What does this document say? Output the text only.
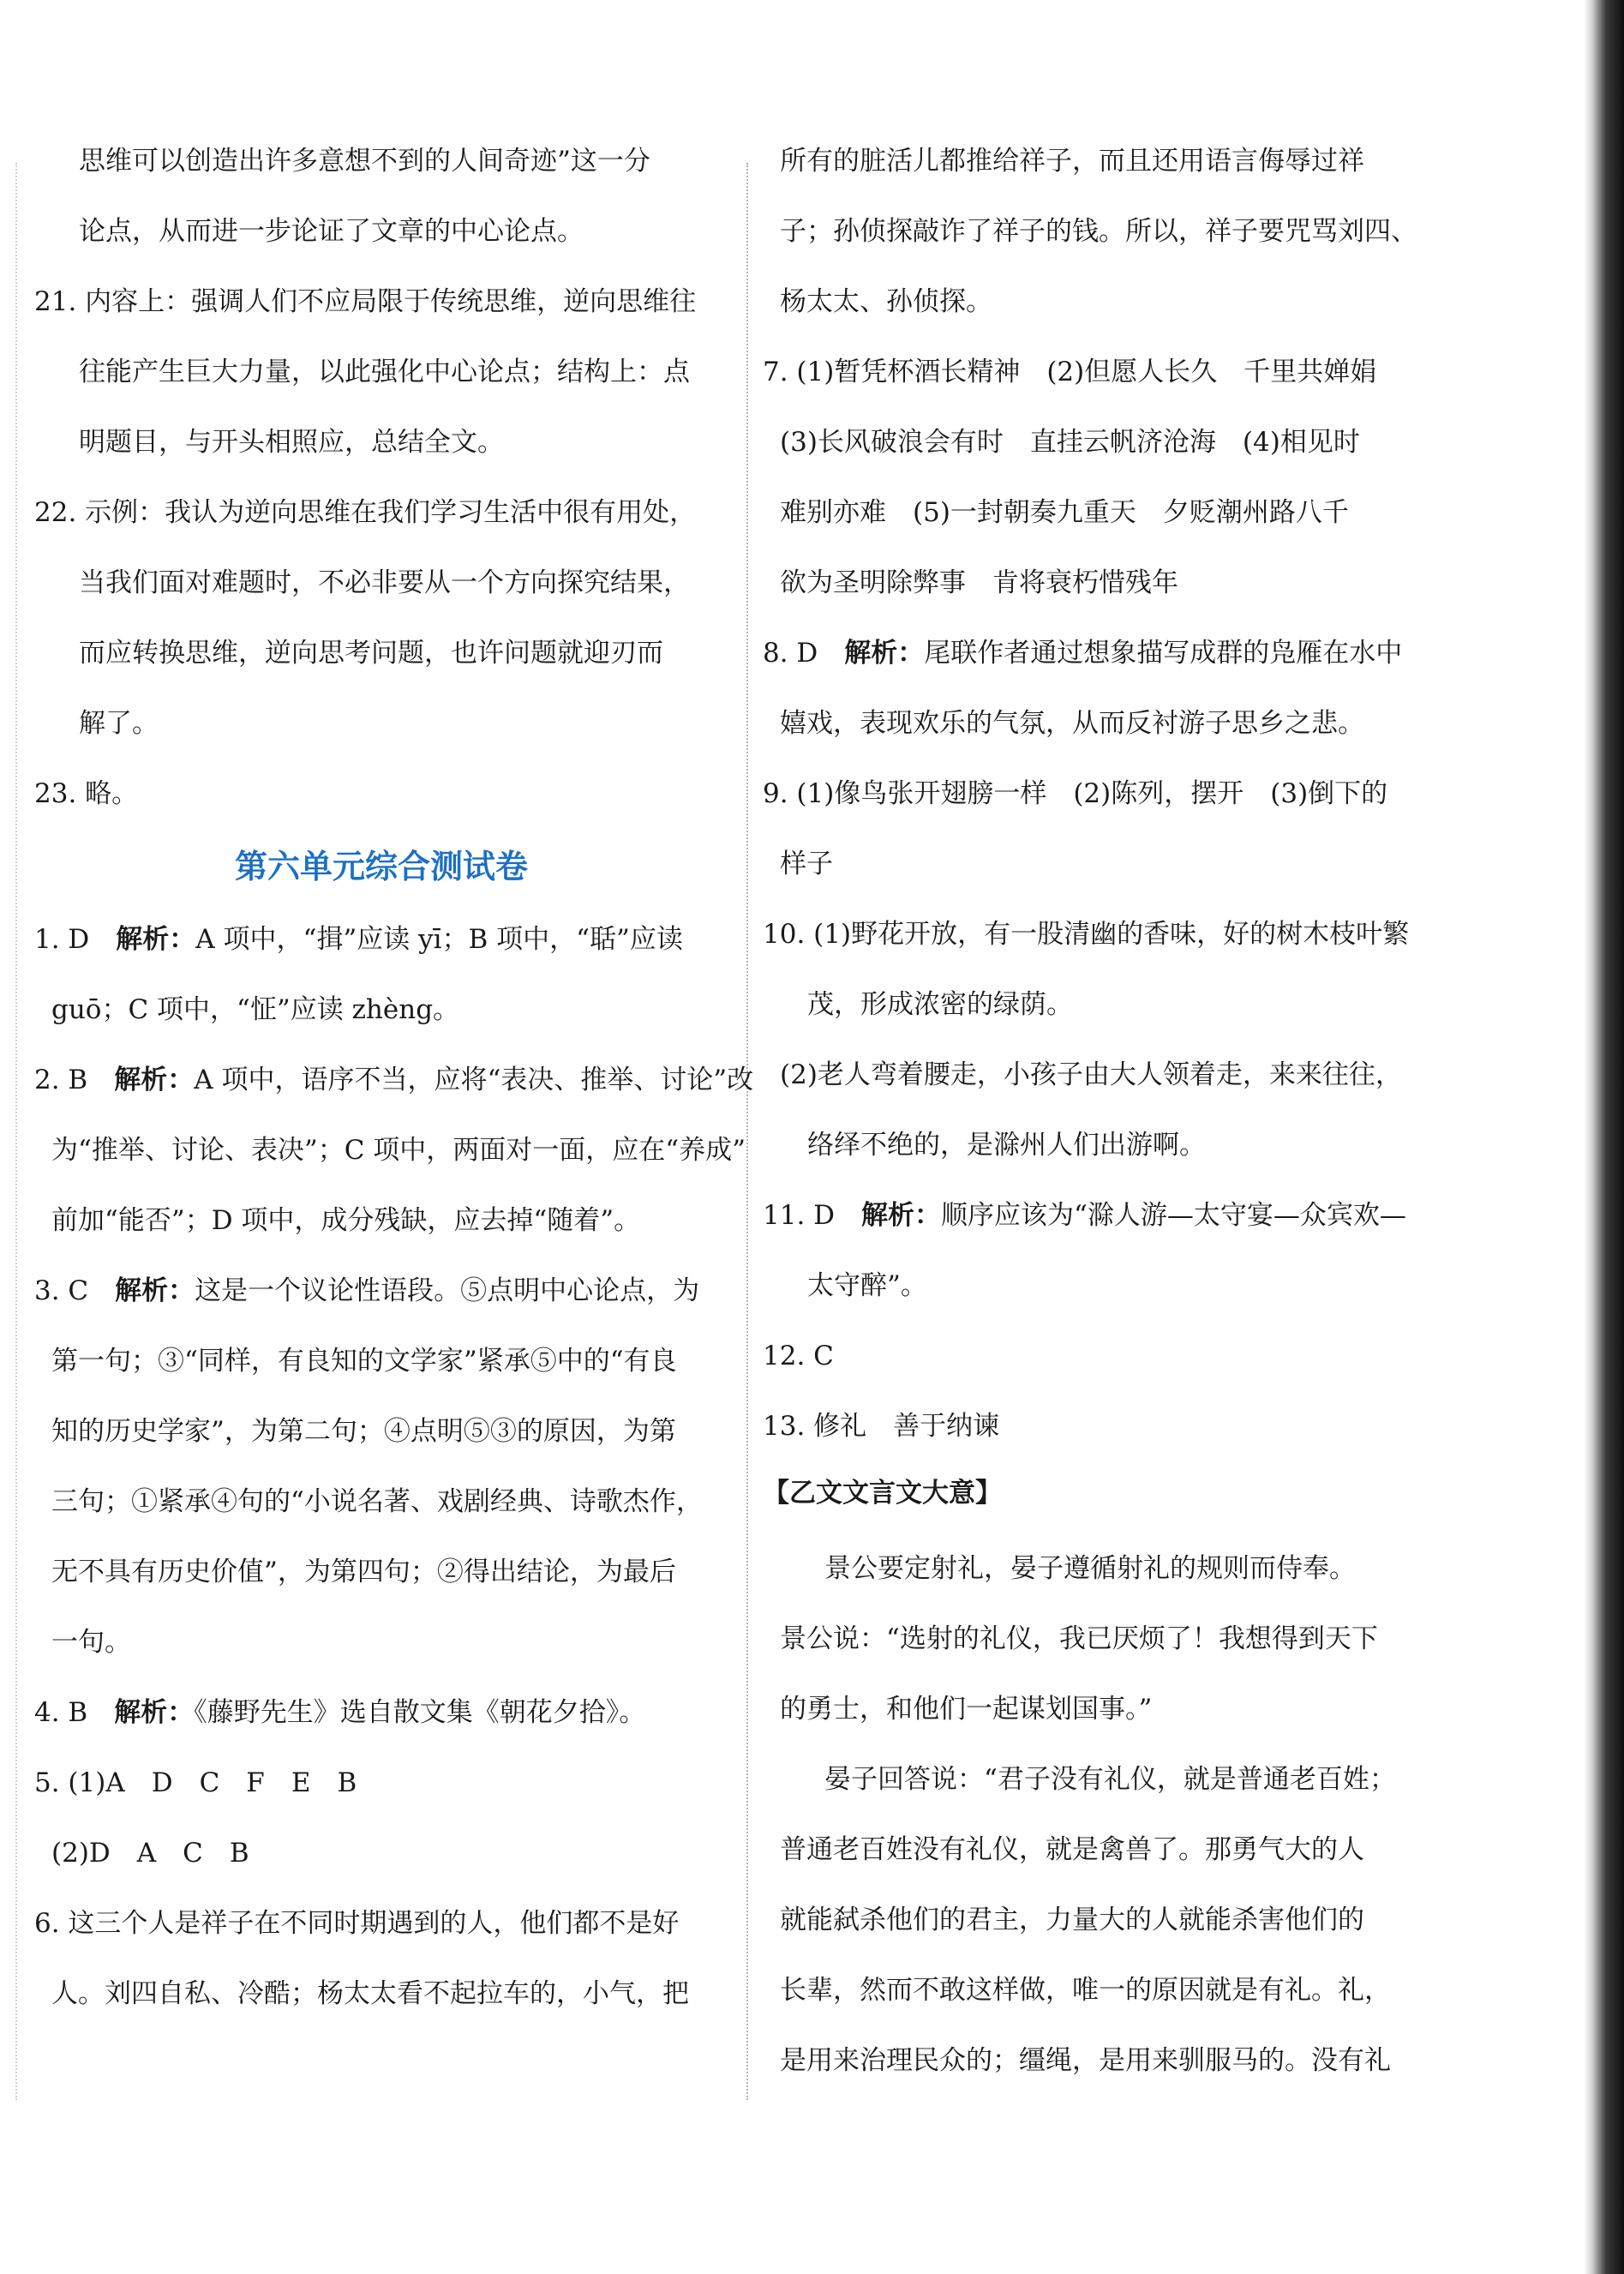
思维可以创造出许多意想不到的人间奇迹”这一分
论点，从而进一步论证了文章的中心论点。
21. 内容上：强调人们不应局限于传统思维，逆向思维往
往能产生巨大力量，以此强化中心论点；结构上：点
明题目，与开头相照应，总结全文。
22. 示例：我认为逆向思维在我们学习生活中很有用处，
当我们面对难题时，不必非要从一个方向探究结果，
而应转换思维，逆向思考问题，也许问题就迎刃而
解了。
23. 略。
第六单元综合测试卷
1. D　解析：A 项中，“揖”应读 yī；B 项中，“聒”应读
guō；C 项中，“怔”应读 zhèng。
2. B　解析：A 项中，语序不当，应将“表决、推举、讨论”改
为“推举、讨论、表决”；C 项中，两面对一面，应在“养成”
前加“能否”；D 项中，成分残缺，应去掉“随着”。
3. C　解析：这是一个议论性语段。⑤点明中心论点，为
第一句；③“同样，有良知的文学家”紧承⑤中的“有良
知的历史学家”，为第二句；④点明⑤③的原因，为第
三句；①紧承④句的“小说名著、戏剧经典、诗歌杰作，
无不具有历史价值”，为第四句；②得出结论，为最后
一句。
4. B　解析：《藤野先生》选自散文集《朝花夕拾》。
5. (1)A　D　C　F　E　B
(2)D　A　C　B
6. 这三个人是祥子在不同时期遇到的人，他们都不是好
人。刘四自私、冷酷；杨太太看不起拉车的，小气，把
所有的脏活儿都推给祥子，而且还用语言侮辱过祥
子；孙侦探敲诈了祥子的钱。所以，祥子要咒骂刘四、
杨太太、孙侦探。
7. (1)暂凭杯酒长精神　(2)但愿人长久　千里共婵娟
(3)长风破浪会有时　直挂云帆济沧海　(4)相见时
难别亦难　(5)一封朝奏九重天　夕贬潮州路八千
欲为圣明除弊事　肯将衰朽惜残年
8. D　解析：尾联作者通过想象描写成群的凫雁在水中
嬉戏，表现欢乐的气氛，从而反衬游子思乡之悲。
9. (1)像鸟张开翅膀一样　(2)陈列，摆开　(3)倒下的
样子
10. (1)野花开放，有一股清幽的香味，好的树木枝叶繁
茂，形成浓密的绿荫。
(2)老人弯着腰走，小孩子由大人领着走，来来往往，
络绎不绝的，是滁州人们出游啊。
11. D　解析：顺序应该为“滁人游—太守宴—众宾欢—
太守醉”。
12. C
13. 修礼　善于纳谏
【乙文文言文大意】
景公要定射礼，晏子遵循射礼的规则而侍奉。
景公说：“选射的礼仪，我已厌烦了！我想得到天下
的勇士，和他们一起谋划国事。”
晏子回答说：“君子没有礼仪，就是普通老百姓；
普通老百姓没有礼仪，就是禽兽了。那勇气大的人
就能弑杀他们的君主，力量大的人就能杀害他们的
长辈，然而不敢这样做，唯一的原因就是有礼。礼，
是用来治理民众的；缰绳，是用来驯服马的。没有礼
